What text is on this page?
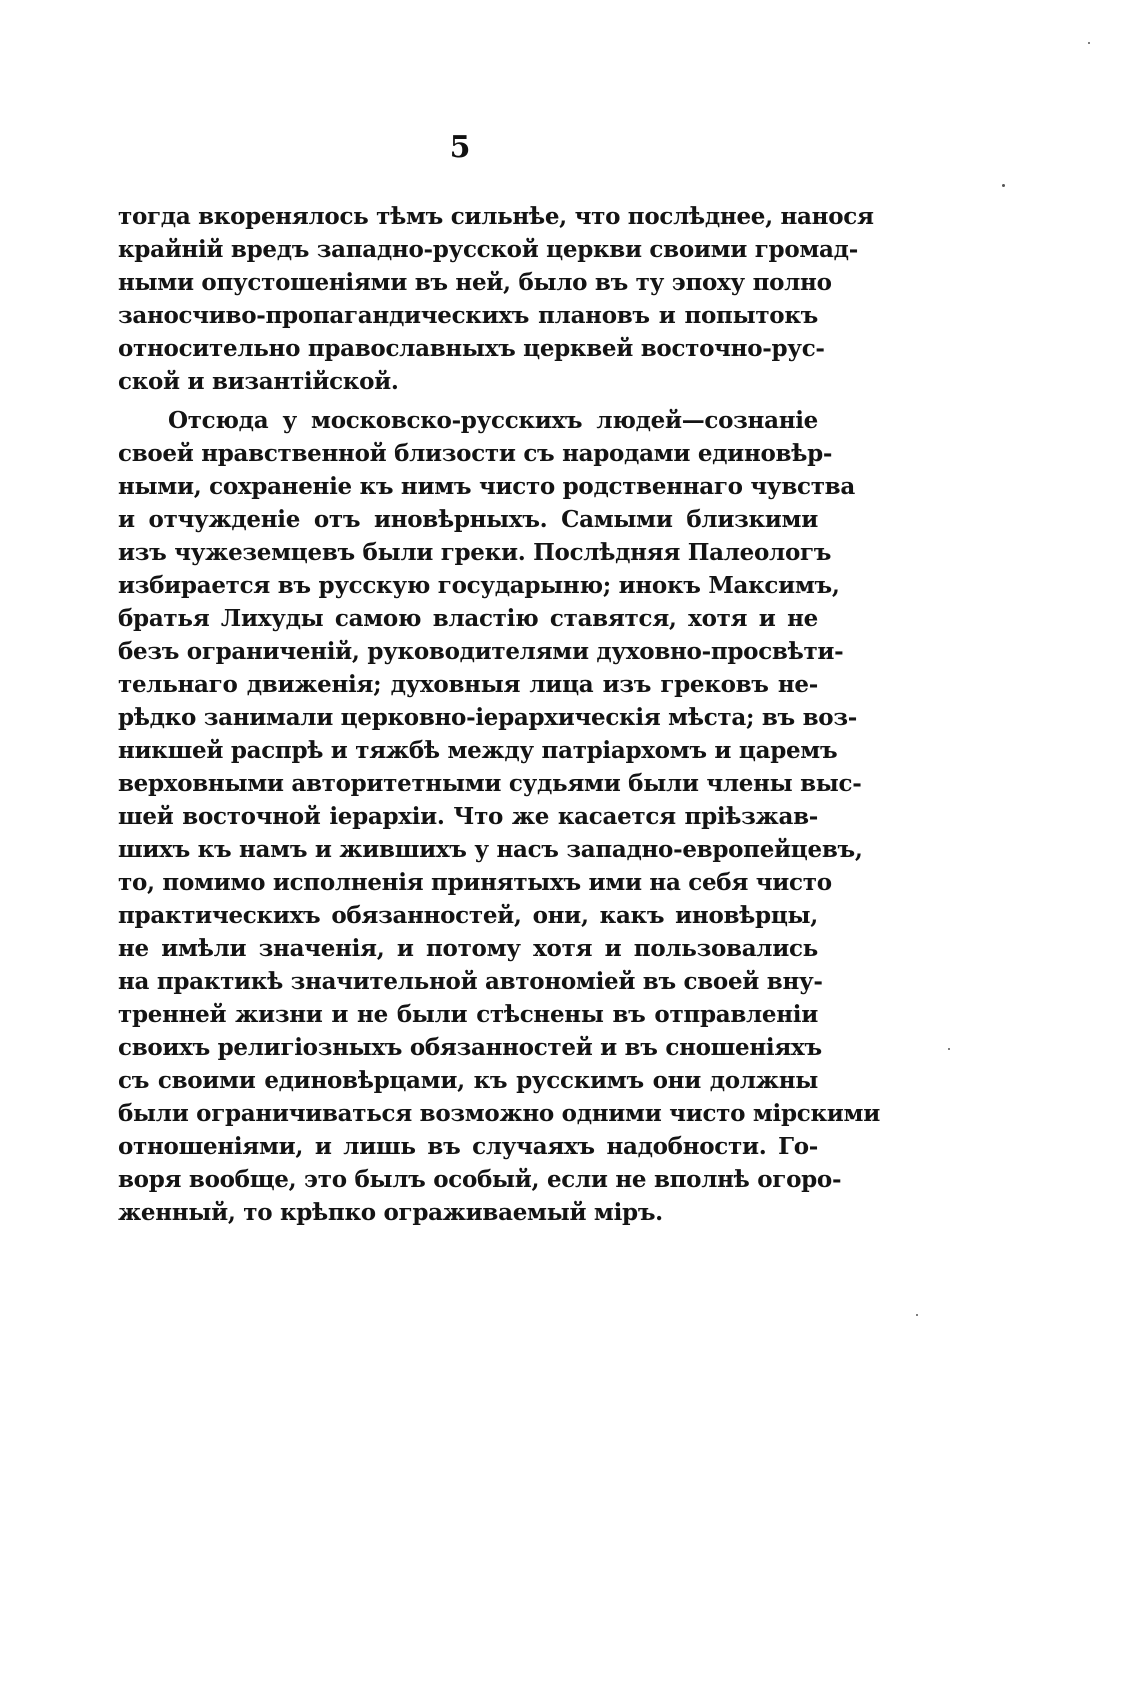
5
тогда вкоренялось тѣмъ сильнѣе, что послѣднее, нанося
крайній вредъ западно-русской церкви своими громад-
ными опустошеніями въ ней, было въ ту эпоху полно
заносчиво-пропагандическихъ плановъ и попытокъ
относительно православныхъ церквей восточно-рус-
ской и византійской.
Отсюда у московско-русскихъ людей—сознаніе
своей нравственной близости съ народами единовѣр-
ными, сохраненіе къ нимъ чисто родственнаго чувства
и отчужденіе отъ иновѣрныхъ. Самыми близкими
изъ чужеземцевъ были греки. Послѣдняя Палеологъ
избирается въ русскую государыню; инокъ Максимъ,
братья Лихуды самою властію ставятся, хотя и не
безъ ограниченій, руководителями духовно-просвѣти-
тельнаго движенія; духовныя лица изъ грековъ не-
рѣдко занимали церковно-іерархическія мѣста; въ воз-
никшей распрѣ и тяжбѣ между патріархомъ и царемъ
верховными авторитетными судьями были члены выс-
шей восточной іерархіи. Что же касается пріѣзжав-
шихъ къ намъ и жившихъ у насъ западно-европейцевъ,
то, помимо исполненія принятыхъ ими на себя чисто
практическихъ обязанностей, они, какъ иновѣрцы,
не имѣли значенія, и потому хотя и пользовались
на практикѣ значительной автономіей въ своей вну-
тренней жизни и не были стѣснены въ отправленіи
своихъ религіозныхъ обязанностей и въ сношеніяхъ
съ своими единовѣрцами, къ русскимъ они должны
были ограничиваться возможно одними чисто мірскими
отношеніями, и лишь въ случаяхъ надобности. Го-
воря вообще, это былъ особый, если не вполнѣ огоро-
женный, то крѣпко ограживаемый міръ.
